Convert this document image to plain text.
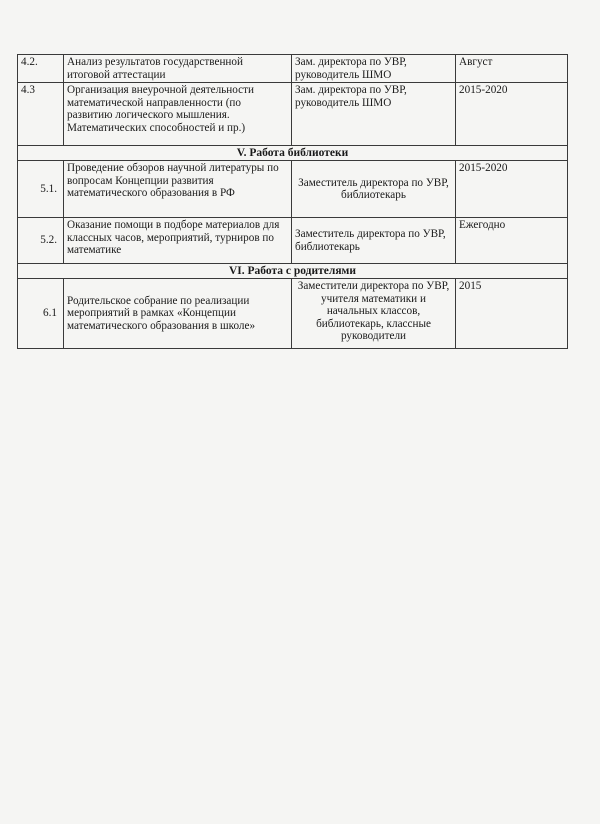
4.2.	Анализ результатов государственной итоговой аттестации	Зам. директора по УВР, руководитель ШМО	Август
4.3	Организация внеурочной деятельности математической направленности (по развитию логического мышления. Математических способностей и пр.)	Зам. директора по УВР, руководитель ШМО	2015-2020
V. Работа библиотеки			
5.1.	Проведение обзоров научной литературы по вопросам Концепции развития математического образования в РФ	Заместитель директора по УВР, библиотекарь	2015-2020
5.2.	Оказание помощи в подборе материалов для классных часов, мероприятий, турниров по математике	Заместитель директора по УВР, библиотекарь	Ежегодно
VI. Работа с родителями			
6.1	Родительское собрание по реализации мероприятий в рамках «Концепции математического образования в школе»	Заместители директора по УВР, учителя математики и начальных классов, библиотекарь, классные руководители	2015
